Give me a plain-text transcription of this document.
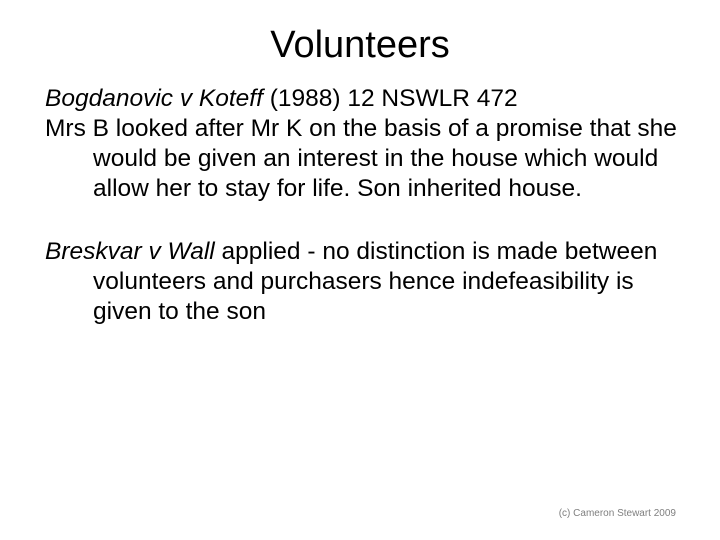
Volunteers

Bogdanovic v Koteff (1988) 12 NSWLR 472

Mrs B looked after Mr K on the basis of a promise that she would be given an interest in the house which would allow her to stay for life. Son inherited house.

Breskvar v Wall applied - no distinction is made between volunteers and purchasers hence indefeasibility is given to the son

(c) Cameron Stewart 2009
